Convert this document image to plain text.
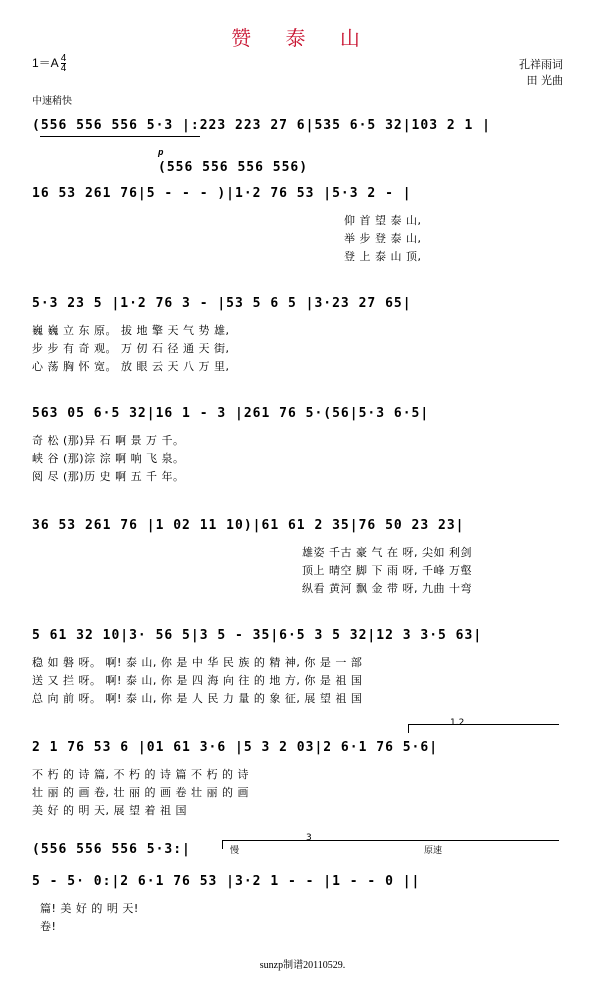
赞 泰 山
$1=A \frac{4}{4}$	孔祥雨词
田 光曲
中速稍快
(556 556 556 5·3 |:223 223 27 6|535 6·5 32|103 2 1 |
p
(556 556 556 556)
16 53 261 76|5 - - - )|1·2 76 53 |5·3 2 - |
仰 首 望 泰 山,
举 步 登 泰 山,
登 上 泰 山 顶,
5·3 23 5 |1·2 76 3 - |53 5 6 5 |3·23 27 65|
巍 巍 立 东 原。 拔 地 擎 天 气 势 雄,
步 步 有 奇 观。 万 仞 石 径 通 天 街,
心 荡 胸 怀 宽。 放 眼 云 天 八 万 里,
563 05 6·5 32|16 1 - 3 |261 76 5·(56|5·3 6·5|
奇 松 (那)异 石 啊 景 万 千。
峡 谷 (那)淙 淙 啊 响 飞 泉。
阅 尽 (那)历 史 啊 五 千 年。
36 53 261 76 |1 02 11 10)|61 61 2 35|76 50 23 23|
雄姿 千古 豪 气 在 呀, 尖如 利剑
顶上 晴空 脚 下 雨 呀, 千峰 万壑
纵看 黄河 飘 金 带 呀, 九曲 十弯
5 61 32 10|3· 56 5|3 5 - 35|6·5 3 5 32|12 3 3·5 63|
稳 如 磐 呀。 啊! 泰 山, 你 是 中 华 民 族 的 精 神, 你 是 一 部
送 又 拦 呀。 啊! 泰 山, 你 是 四 海 向 往 的 地 方, 你 是 祖 国
总 向 前 呀。 啊! 泰 山, 你 是 人 民 力 量 的 象 征, 展 望 祖 国
1.2
2 1 76 53 6 |01 61 3·6 |5 3 2 03|2 6·1 76 5·6|
不 朽 的 诗 篇, 不 朽 的 诗 篇 不 朽 的 诗
壮 丽 的 画 卷, 壮 丽 的 画 卷 壮 丽 的 画
美 好 的 明 天, 展 望 着 祖 国
(556 556 556 5·3:|	慢
3
原速
5 - 5· 0:|2 6·1 76 53 |3·2 1 - - |1 - - 0 ||
篇! 美 好 的 明 天!
卷!
sunzp制谱20110529.
